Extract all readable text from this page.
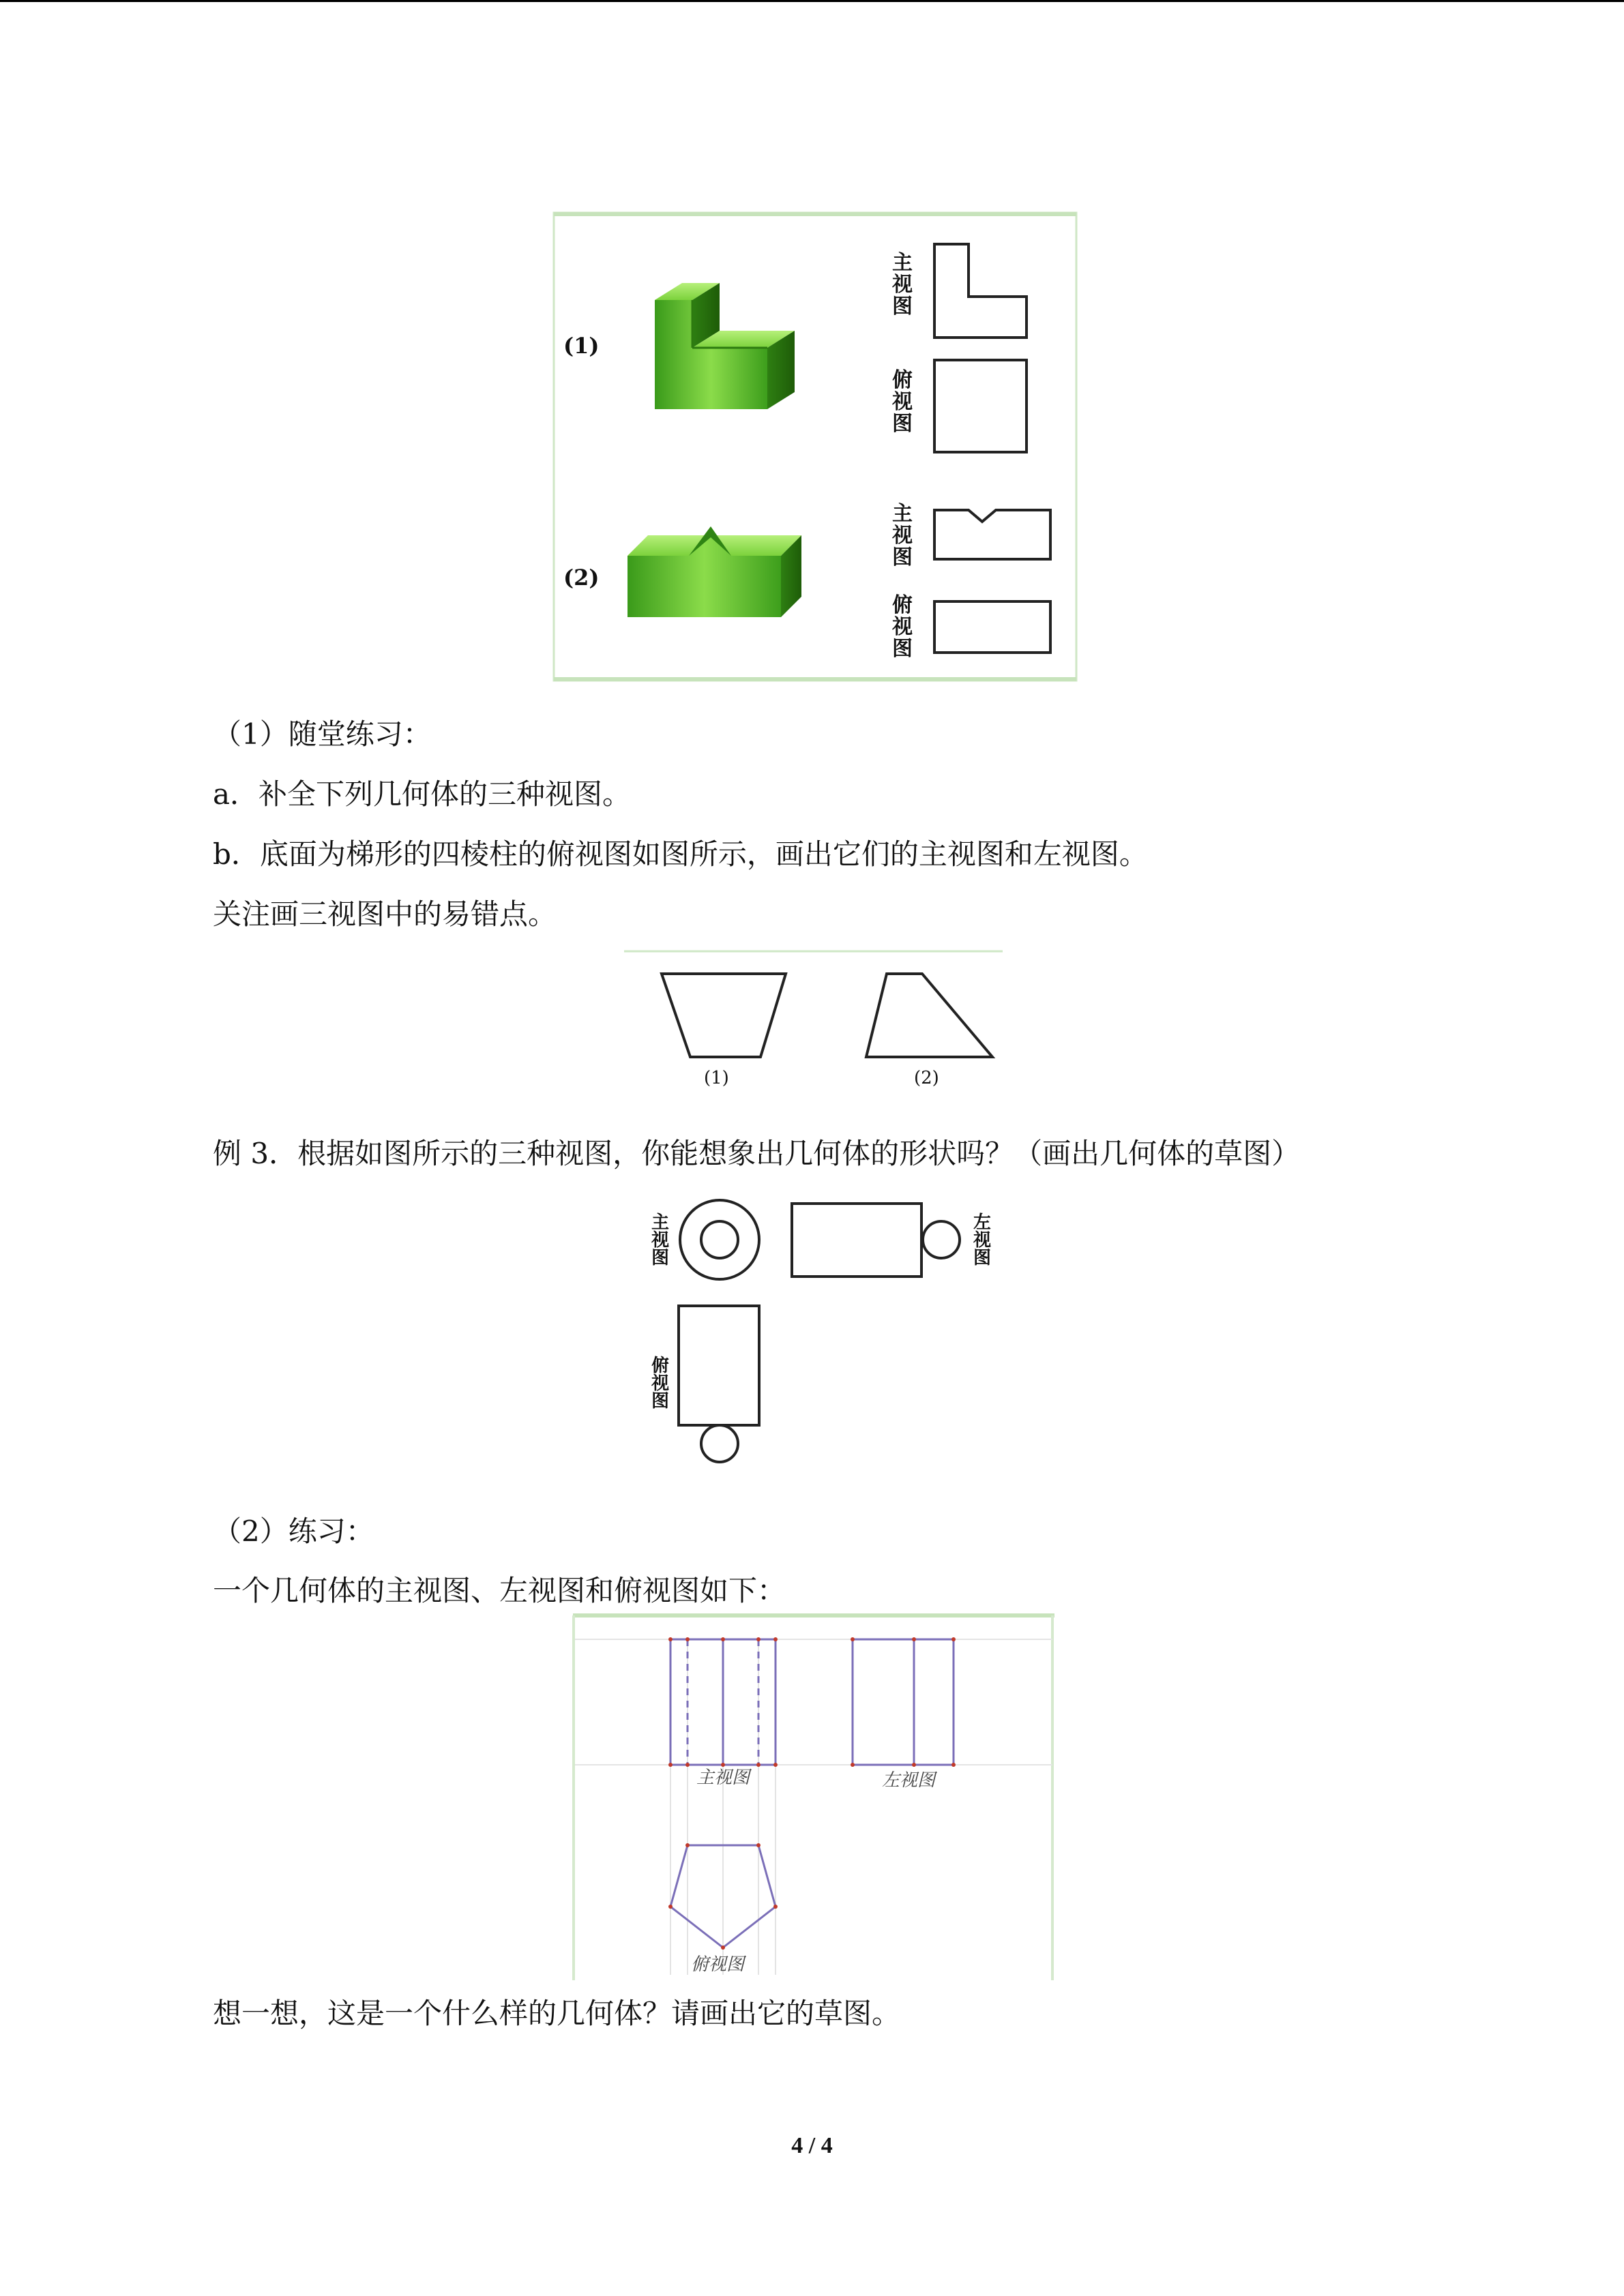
(1)
(2)
主视图
俯视图
主视图
俯视图
（1）随堂练习：
a．补全下列几何体的三种视图。
b．底面为梯形的四棱柱的俯视图如图所示，画出它们的主视图和左视图。
关注画三视图中的易错点。
(1)	(2)
例 3．根据如图所示的三种视图，你能想象出几何体的形状吗？（画出几何体的草图）
主视图
左视图
俯视图
（2）练习：
一个几何体的主视图、左视图和俯视图如下：
主视图	左视图
俯视图
想一想，这是一个什么样的几何体？请画出它的草图。
4 / 4
